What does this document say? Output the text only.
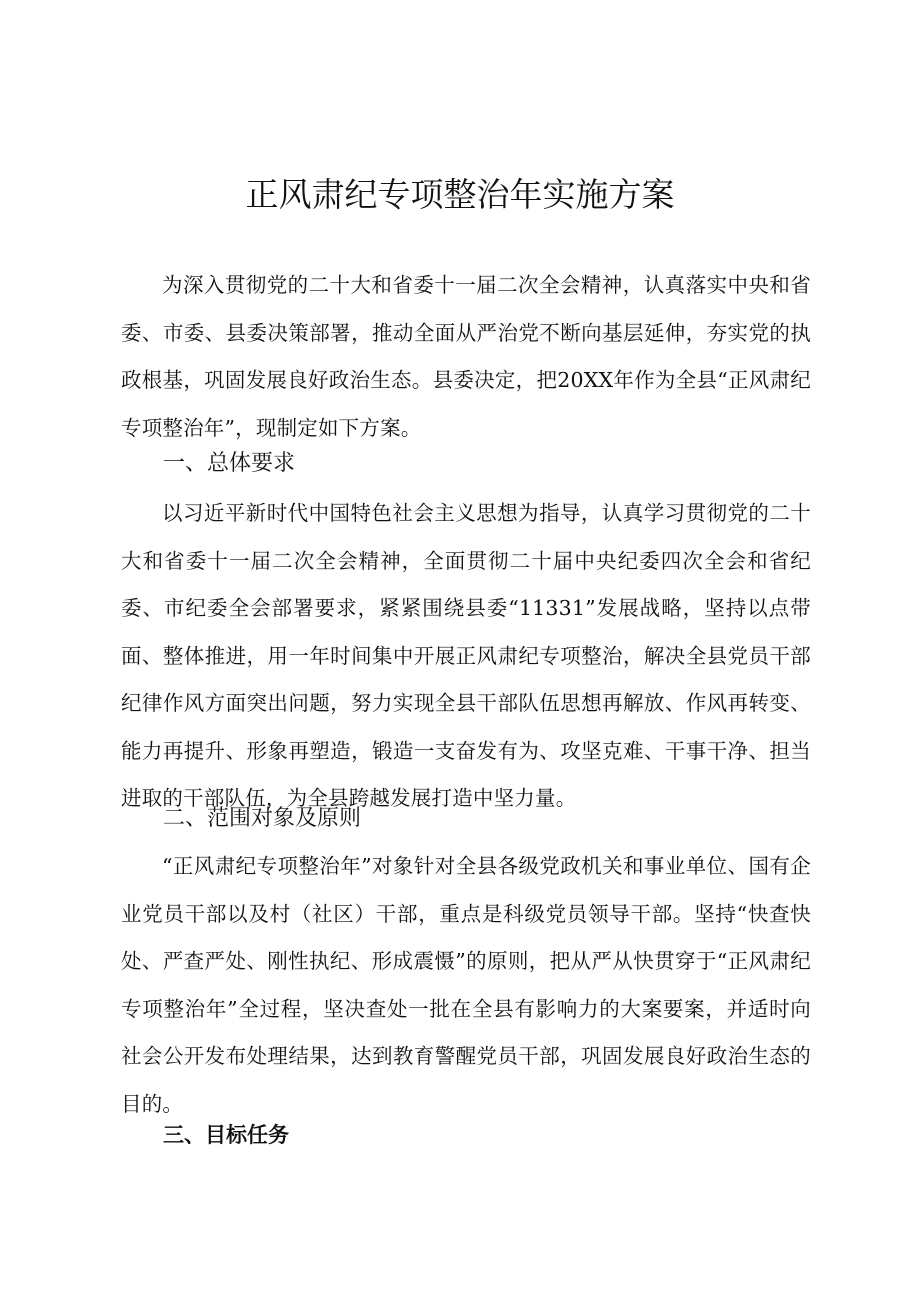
正风肃纪专项整治年实施方案

为深入贯彻党的二十大和省委十一届二次全会精神，认真落实中央和省委、市委、县委决策部署，推动全面从严治党不断向基层延伸，夯实党的执政根基，巩固发展良好政治生态。县委决定，把20XX年作为全县“正风肃纪专项整治年”，现制定如下方案。

一、总体要求

以习近平新时代中国特色社会主义思想为指导，认真学习贯彻党的二十大和省委十一届二次全会精神，全面贯彻二十届中央纪委四次全会和省纪委、市纪委全会部署要求，紧紧围绕县委“11331”发展战略，坚持以点带面、整体推进，用一年时间集中开展正风肃纪专项整治，解决全县党员干部纪律作风方面突出问题，努力实现全县干部队伍思想再解放、作风再转变、能力再提升、形象再塑造，锻造一支奋发有为、攻坚克难、干事干净、担当进取的干部队伍，为全县跨越发展打造中坚力量。

二、范围对象及原则

“正风肃纪专项整治年”对象针对全县各级党政机关和事业单位、国有企业党员干部以及村（社区）干部，重点是科级党员领导干部。坚持“快查快处、严查严处、刚性执纪、形成震慑”的原则，把从严从快贯穿于“正风肃纪专项整治年”全过程，坚决查处一批在全县有影响力的大案要案，并适时向社会公开发布处理结果，达到教育警醒党员干部，巩固发展良好政治生态的目的。

三、目标任务
